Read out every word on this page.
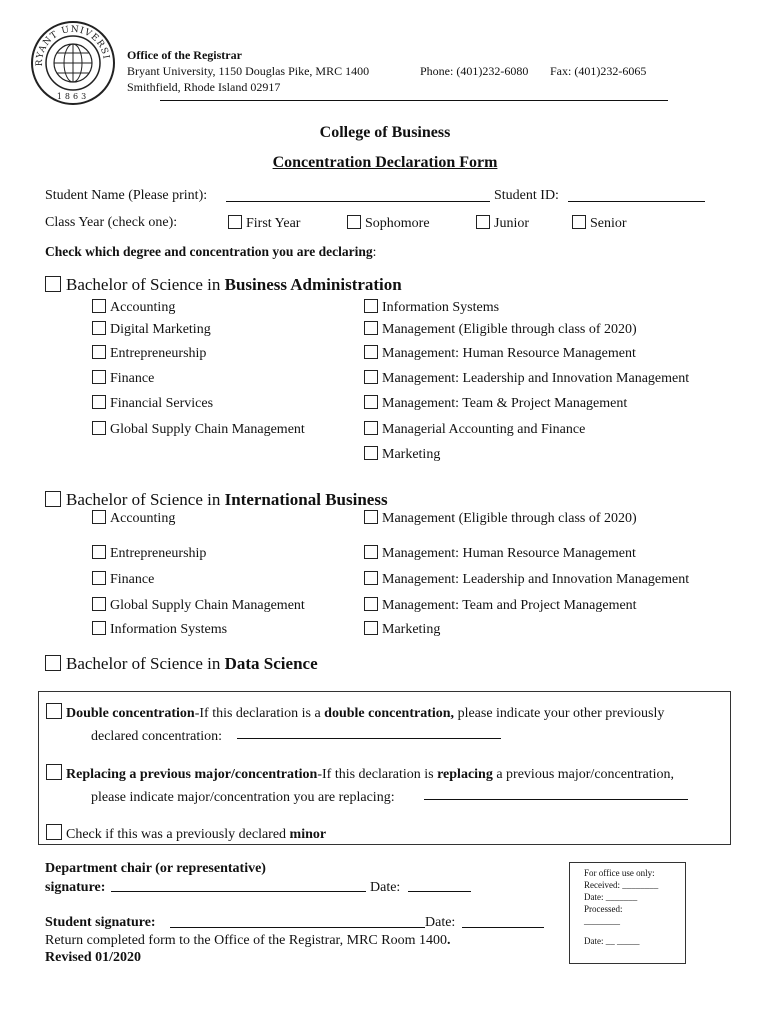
RYANT UNIVERSI
1863
Office of the Registrar
Bryant University, 1150 Douglas Pike, MRC 1400
Smithfield, Rhode Island 02917
Phone: (401)232-6080 Fax: (401)232-6065
College of Business
Concentration Declaration Form
Student Name (Please print):	Student ID:
Class Year (check one):	First Year	Sophomore	Junior	Senior
Check which degree and concentration you are declaring:
Bachelor of Science in Business Administration
Accounting
Digital Marketing
Entrepreneurship
Finance
Financial Services
Global Supply Chain Management
Information Systems
Management (Eligible through class of 2020)
Management: Human Resource Management
Management: Leadership and Innovation Management
Management: Team & Project Management
Managerial Accounting and Finance
Marketing
Bachelor of Science in International Business
Accounting
Entrepreneurship
Finance
Global Supply Chain Management
Information Systems
Management (Eligible through class of 2020)
Management: Human Resource Management
Management: Leadership and Innovation Management
Management: Team and Project Management
Marketing
Bachelor of Science in Data Science
Double concentration-If this declaration is a double concentration, please indicate your other previously
declared concentration:
Replacing a previous major/concentration-If this declaration is replacing a previous major/concentration,
please indicate major/concentration you are replacing:
Check if this was a previously declared minor
Department chair (or representative)
signature:	Date:
Student signature:	Date:
Return completed form to the Office of the Registrar, MRC Room 1400.
Revised 01/2020
For office use only:
Received: ________
Date: _______
Processed:
________
Date: __ _____
